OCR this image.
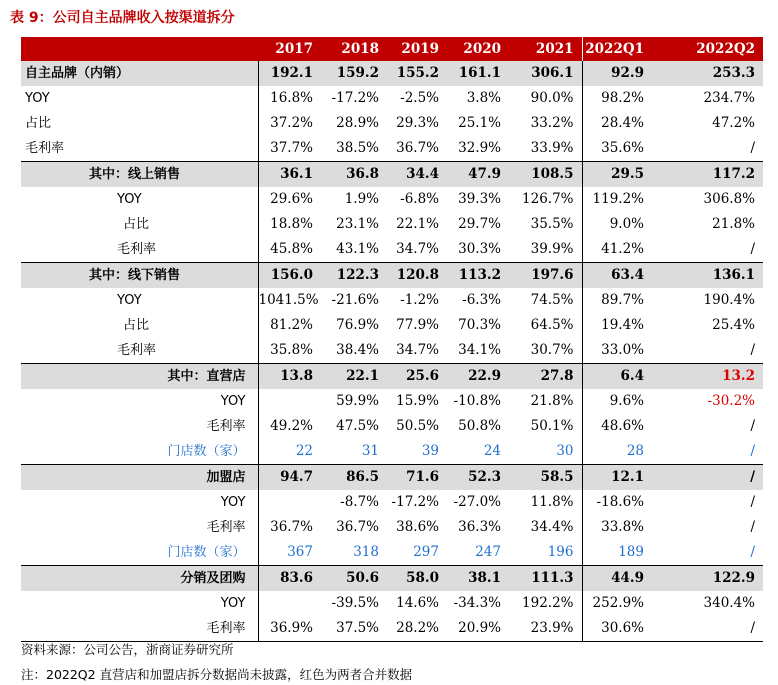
表 9：公司自主品牌收入按渠道拆分
	2017	2018	2019	2020	2021	2022Q1	2022Q2
自主品牌（内销）	192.1	159.2	155.2	161.1	306.1	92.9	253.3
YOY	16.8%	-17.2%	-2.5%	3.8%	90.0%	98.2%	234.7%
占比	37.2%	28.9%	29.3%	25.1%	33.2%	28.4%	47.2%
毛利率	37.7%	38.5%	36.7%	32.9%	33.9%	35.6%	/
其中：线上销售	36.1	36.8	34.4	47.9	108.5	29.5	117.2
YOY	29.6%	1.9%	-6.8%	39.3%	126.7%	119.2%	306.8%
占比	18.8%	23.1%	22.1%	29.7%	35.5%	9.0%	21.8%
毛利率	45.8%	43.1%	34.7%	30.3%	39.9%	41.2%	/
其中：线下销售	156.0	122.3	120.8	113.2	197.6	63.4	136.1
YOY	1041.5%	-21.6%	-1.2%	-6.3%	74.5%	89.7%	190.4%
占比	81.2%	76.9%	77.9%	70.3%	64.5%	19.4%	25.4%
毛利率	35.8%	38.4%	34.7%	34.1%	30.7%	33.0%	/
其中：直营店	13.8	22.1	25.6	22.9	27.8	6.4	13.2
YOY		59.9%	15.9%	-10.8%	21.8%	9.6%	-30.2%
毛利率	49.2%	47.5%	50.5%	50.8%	50.1%	48.6%	/
门店数（家）	22	31	39	24	30	28	/
加盟店	94.7	86.5	71.6	52.3	58.5	12.1	/
YOY		-8.7%	-17.2%	-27.0%	11.8%	-18.6%	/
毛利率	36.7%	36.7%	38.6%	36.3%	34.4%	33.8%	/
门店数（家）	367	318	297	247	196	189	/
分销及团购	83.6	50.6	58.0	38.1	111.3	44.9	122.9
YOY		-39.5%	14.6%	-34.3%	192.2%	252.9%	340.4%
毛利率	36.9%	37.5%	28.2%	20.9%	23.9%	30.6%	/
资料来源：公司公告，浙商证券研究所
注：2022Q2 直营店和加盟店拆分数据尚未披露，红色为两者合并数据
